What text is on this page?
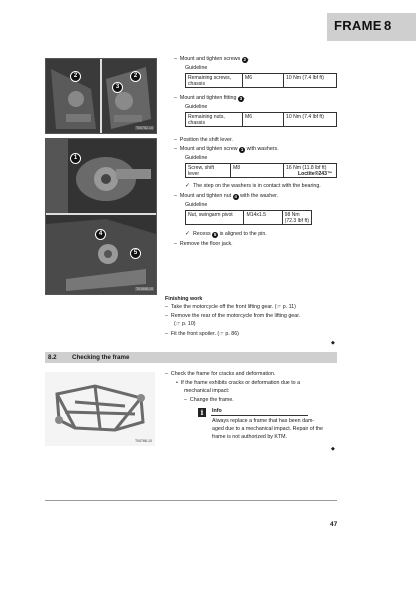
FRAME 8
2
3
2
T00752-10
1
4
5
T01508-10
– Mount and tighten screws 2 .
Guideline
Remaining screws,
chassis	M6	10 Nm (7.4 lbf ft)
– Mount and tighten fitting 3 .
Guideline
Remaining nuts,
chassis	M6	10 Nm (7.4 lbf ft)
– Position the shift lever.
– Mount and tighten screw 1 with washers.
Guideline
Screw, shift
lever	M8	16 Nm (11.8 lbf ft)
Loctite®243™
✓ The step on the washers is in contact with the bearing.
– Mount and tighten nut 4 with the washer.
Guideline
Nut, swingarm pivot	M14x1.5	98 Nm
(72.3 lbf ft)
✓ Recess 5 is aligned to the pin.
– Remove the floor jack.
Finishing work
–  Take the motorcycle off the front lifting gear. (☞ p. 11)
–  Remove the rear of the motorcycle from the lifting gear.
(☞ p. 10)
–  Fit the front spoiler. (☞ p. 86)
◆
8.2 Checking the frame
T00768-10
–  Check the frame for cracks and deformation.
•  If the frame exhibits cracks or deformation due to a
mechanical impact:
–  Change the frame.
i	Info
Always replace a frame that has been dam-
aged due to a mechanical impact. Repair of the
frame is not authorized by KTM.
◆
47
